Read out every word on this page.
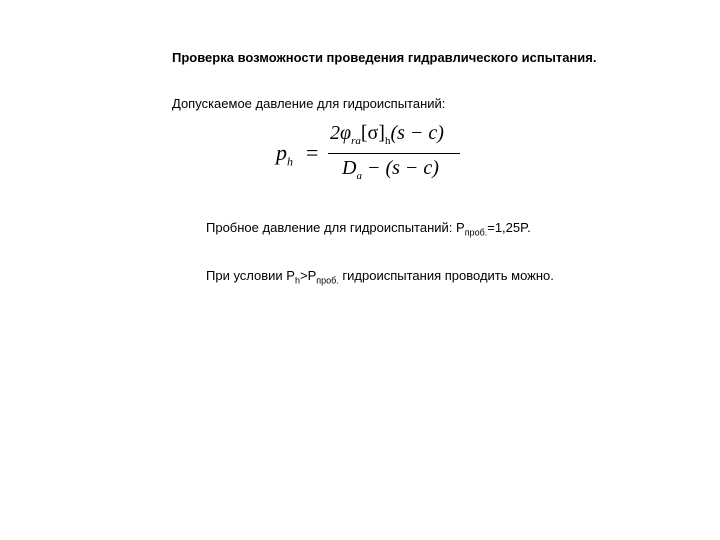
Проверка возможности проведения гидравлического испытания.
Допускаемое давление для гидроиспытаний:
$p_h$ =
$2\varphi_{ra}[\sigma]_h(s - c)$
$D_a - (s - c)$
Пробное давление для гидроиспытаний: $P_{проб.}=1,25P$.
При условии $P_h>P_{проб.}$ гидроиспытания проводить можно.
